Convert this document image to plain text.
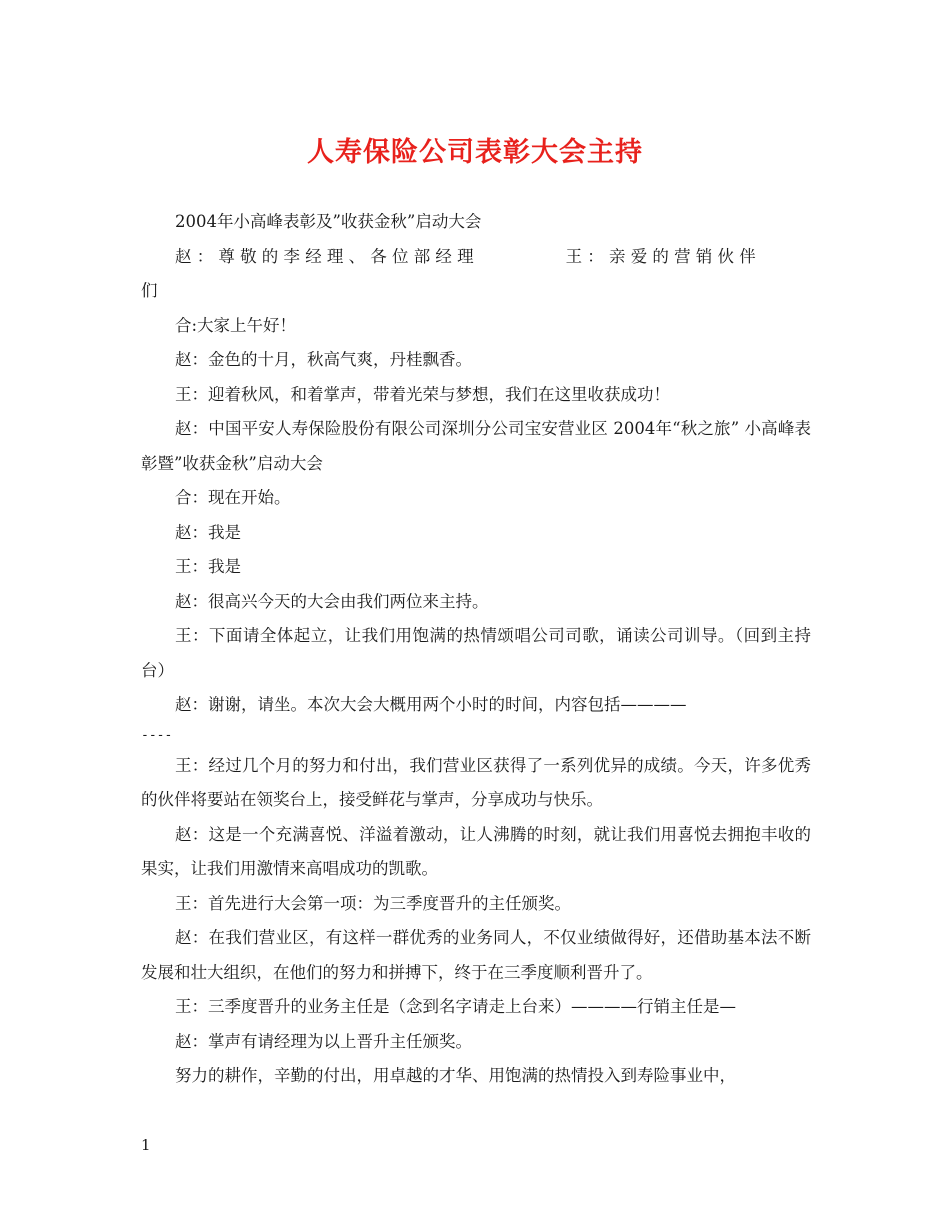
人寿保险公司表彰大会主持

2004年小高峰表彰及”收获金秋”启动大会

赵：尊敬的李经理、各位部经理　　　　王：亲爱的营销伙伴

们

合:大家上午好！

赵：金色的十月，秋高气爽，丹桂飘香。

王：迎着秋风，和着掌声，带着光荣与梦想，我们在这里收获成功！

赵：中国平安人寿保险股份有限公司深圳分公司宝安营业区 2004年“秋之旅” 小高峰表彰暨”收获金秋”启动大会

合：现在开始。

赵：我是

王：我是

赵：很高兴今天的大会由我们两位来主持。

王：下面请全体起立，让我们用饱满的热情颂唱公司司歌，诵读公司训导。（回到主持台）

赵：谢谢，请坐。本次大会大概用两个小时的时间，内容包括————

----

王：经过几个月的努力和付出，我们营业区获得了一系列优异的成绩。今天，许多优秀的伙伴将要站在领奖台上，接受鲜花与掌声，分享成功与快乐。

赵：这是一个充满喜悦、洋溢着激动，让人沸腾的时刻，就让我们用喜悦去拥抱丰收的果实，让我们用激情来高唱成功的凯歌。

王：首先进行大会第一项：为三季度晋升的主任颁奖。

赵：在我们营业区，有这样一群优秀的业务同人，不仅业绩做得好，还借助基本法不断发展和壮大组织，在他们的努力和拼搏下，终于在三季度顺利晋升了。

王：三季度晋升的业务主任是（念到名字请走上台来）————行销主任是—

赵：掌声有请经理为以上晋升主任颁奖。

努力的耕作，辛勤的付出，用卓越的才华、用饱满的热情投入到寿险事业中，

1
